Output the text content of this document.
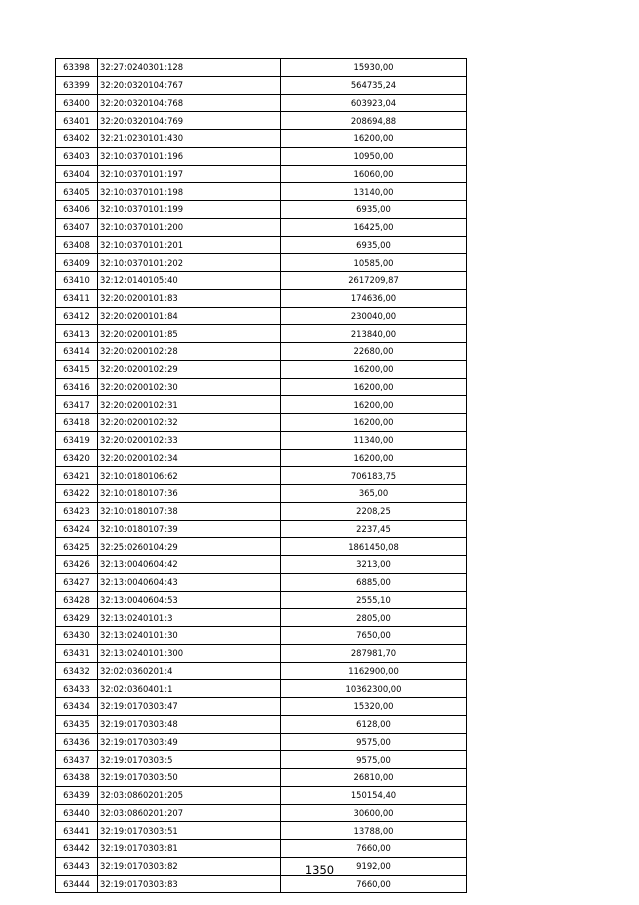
63398	32:27:0240301:128	15930,00
63399	32:20:0320104:767	564735,24
63400	32:20:0320104:768	603923,04
63401	32:20:0320104:769	208694,88
63402	32:21:0230101:430	16200,00
63403	32:10:0370101:196	10950,00
63404	32:10:0370101:197	16060,00
63405	32:10:0370101:198	13140,00
63406	32:10:0370101:199	6935,00
63407	32:10:0370101:200	16425,00
63408	32:10:0370101:201	6935,00
63409	32:10:0370101:202	10585,00
63410	32:12:0140105:40	2617209,87
63411	32:20:0200101:83	174636,00
63412	32:20:0200101:84	230040,00
63413	32:20:0200101:85	213840,00
63414	32:20:0200102:28	22680,00
63415	32:20:0200102:29	16200,00
63416	32:20:0200102:30	16200,00
63417	32:20:0200102:31	16200,00
63418	32:20:0200102:32	16200,00
63419	32:20:0200102:33	11340,00
63420	32:20:0200102:34	16200,00
63421	32:10:0180106:62	706183,75
63422	32:10:0180107:36	365,00
63423	32:10:0180107:38	2208,25
63424	32:10:0180107:39	2237,45
63425	32:25:0260104:29	1861450,08
63426	32:13:0040604:42	3213,00
63427	32:13:0040604:43	6885,00
63428	32:13:0040604:53	2555,10
63429	32:13:0240101:3	2805,00
63430	32:13:0240101:30	7650,00
63431	32:13:0240101:300	287981,70
63432	32:02:0360201:4	1162900,00
63433	32:02:0360401:1	10362300,00
63434	32:19:0170303:47	15320,00
63435	32:19:0170303:48	6128,00
63436	32:19:0170303:49	9575,00
63437	32:19:0170303:5	9575,00
63438	32:19:0170303:50	26810,00
63439	32:03:0860201:205	150154,40
63440	32:03:0860201:207	30600,00
63441	32:19:0170303:51	13788,00
63442	32:19:0170303:81	7660,00
63443	32:19:0170303:82	9192,00
63444	32:19:0170303:83	7660,00
1350
